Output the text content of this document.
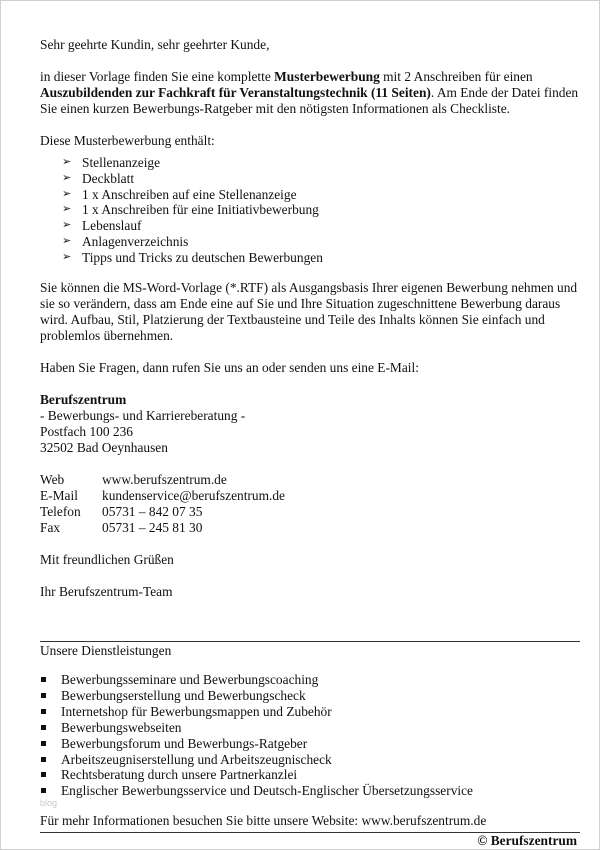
Sehr geehrte Kundin, sehr geehrter Kunde,

in dieser Vorlage finden Sie eine komplette Musterbewerbung mit 2 Anschreiben für einen Auszubildenden zur Fachkraft für Veranstaltungstechnik (11 Seiten). Am Ende der Datei finden Sie einen kurzen Bewerbungs-Ratgeber mit den nötigsten Informationen als Checkliste.

Diese Musterbewerbung enthält:

➢ Stellenanzeige
➢ Deckblatt
➢ 1 x Anschreiben auf eine Stellenanzeige
➢ 1 x Anschreiben für eine Initiativbewerbung
➢ Lebenslauf
➢ Anlagenverzeichnis
➢ Tipps und Tricks zu deutschen Bewerbungen

Sie können die MS-Word-Vorlage (*.RTF) als Ausgangsbasis Ihrer eigenen Bewerbung nehmen und sie so verändern, dass am Ende eine auf Sie und Ihre Situation zugeschnittene Bewerbung daraus wird. Aufbau, Stil, Platzierung der Textbausteine und Teile des Inhalts können Sie einfach und problemlos übernehmen.

Haben Sie Fragen, dann rufen Sie uns an oder senden uns eine E-Mail:

Berufszentrum

- Bewerbungs- und Karriereberatung -

Postfach 100 236

32502 Bad Oeynhausen

Web	www.berufszentrum.de
E-Mail	kundenservice@berufszentrum.de
Telefon	05731 – 842 07 35
Fax	05731 – 245 81 30

Mit freundlichen Grüßen

Ihr Berufszentrum-Team

Unsere Dienstleistungen
Bewerbungsseminare und Bewerbungscoaching
Bewerbungserstellung und Bewerbungscheck
Internetshop für Bewerbungsmappen und Zubehör
Bewerbungswebseiten
Bewerbungsforum und Bewerbungs-Ratgeber
Arbeitszeugniserstellung und Arbeitszeugnischeck
Rechtsberatung durch unsere Partnerkanzlei
Englischer Bewerbungsservice und Deutsch-Englischer Übersetzungsservice
blog
Für mehr Informationen besuchen Sie bitte unsere Website: www.berufszentrum.de
© Berufszentrum
